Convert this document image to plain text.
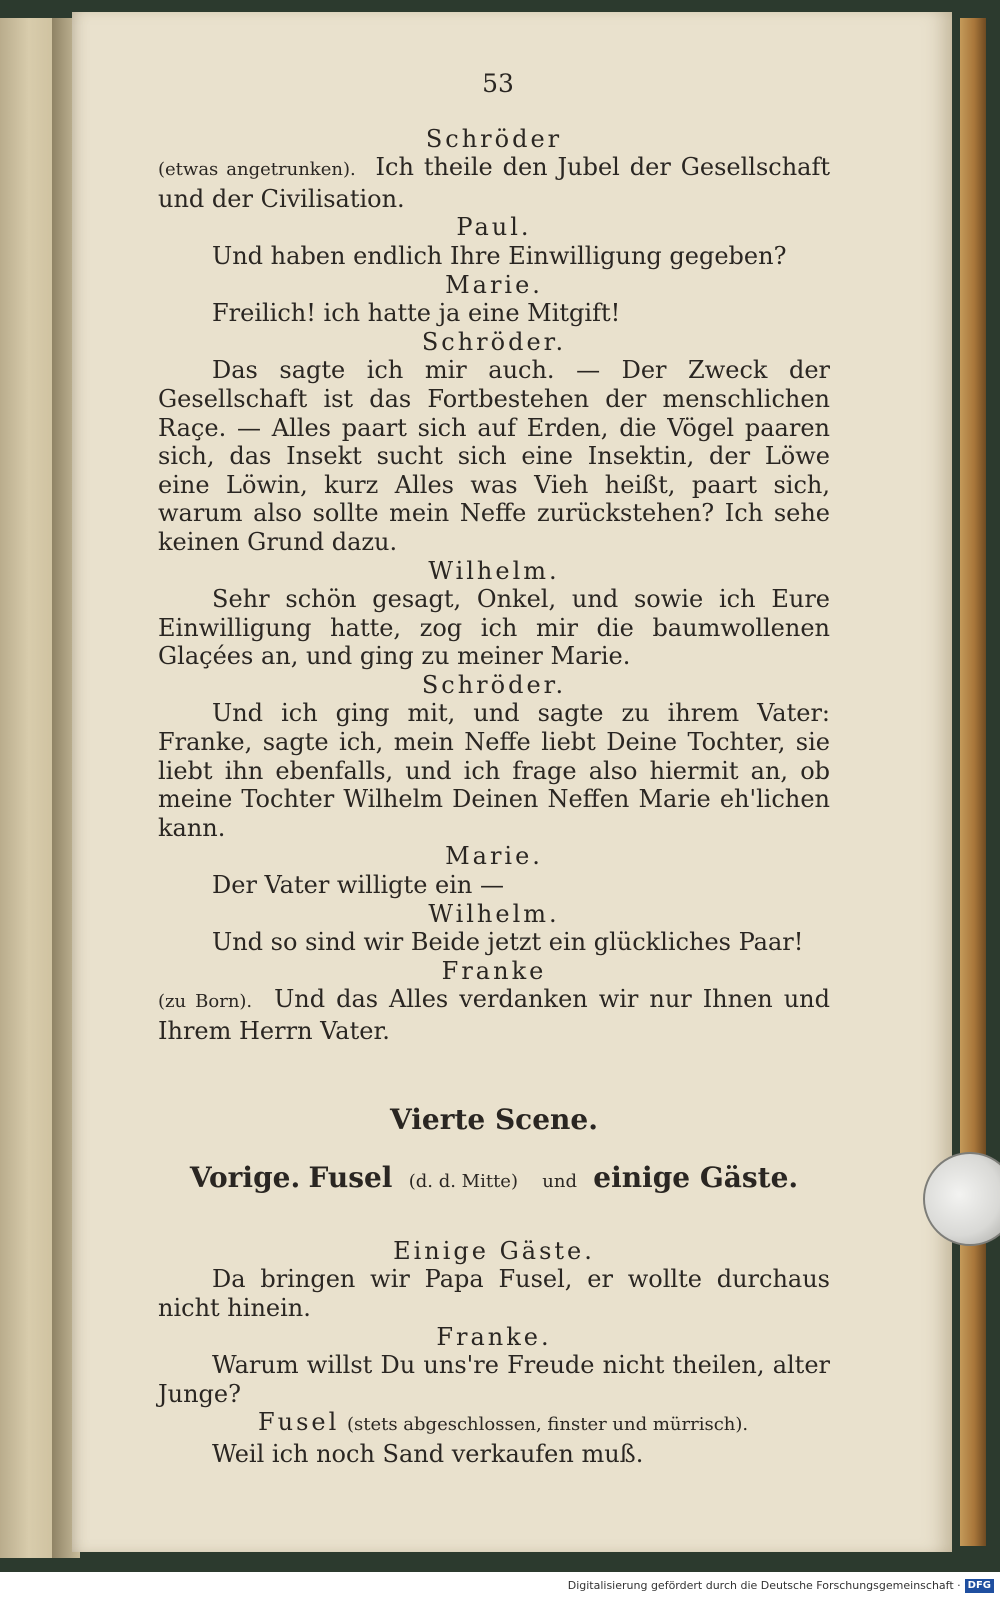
53
Schröder
(etwas angetrunken). Ich theile den Jubel der Gesellschaft und der Civilisation.
Paul.
Und haben endlich Ihre Einwilligung gegeben?
Marie.
Freilich! ich hatte ja eine Mitgift!
Schröder.
Das sagte ich mir auch. — Der Zweck der Gesellschaft ist das Fortbestehen der menschlichen Raçe. — Alles paart sich auf Erden, die Vögel paaren sich, das Insekt sucht sich eine Insektin, der Löwe eine Löwin, kurz Alles was Vieh heißt, paart sich, warum also sollte mein Neffe zurückstehen? Ich sehe keinen Grund dazu.
Wilhelm.
Sehr schön gesagt, Onkel, und sowie ich Eure Einwilligung hatte, zog ich mir die baumwollenen Glaçées an, und ging zu meiner Marie.
Schröder.
Und ich ging mit, und sagte zu ihrem Vater: Franke, sagte ich, mein Neffe liebt Deine Tochter, sie liebt ihn ebenfalls, und ich frage also hiermit an, ob meine Tochter Wilhelm Deinen Neffen Marie eh'lichen kann.
Marie.
Der Vater willigte ein —
Wilhelm.
Und so sind wir Beide jetzt ein glückliches Paar!
Franke
(zu Born). Und das Alles verdanken wir nur Ihnen und Ihrem Herrn Vater.
Vierte Scene.
Vorige. Fusel (d. d. Mitte) und einige Gäste.
Einige Gäste.
Da bringen wir Papa Fusel, er wollte durchaus nicht hinein.
Franke.
Warum willst Du uns're Freude nicht theilen, alter Junge?
Fusel (stets abgeschlossen, finster und mürrisch).
Weil ich noch Sand verkaufen muß.
Digitalisierung gefördert durch die Deutsche Forschungsgemeinschaft · DFG
